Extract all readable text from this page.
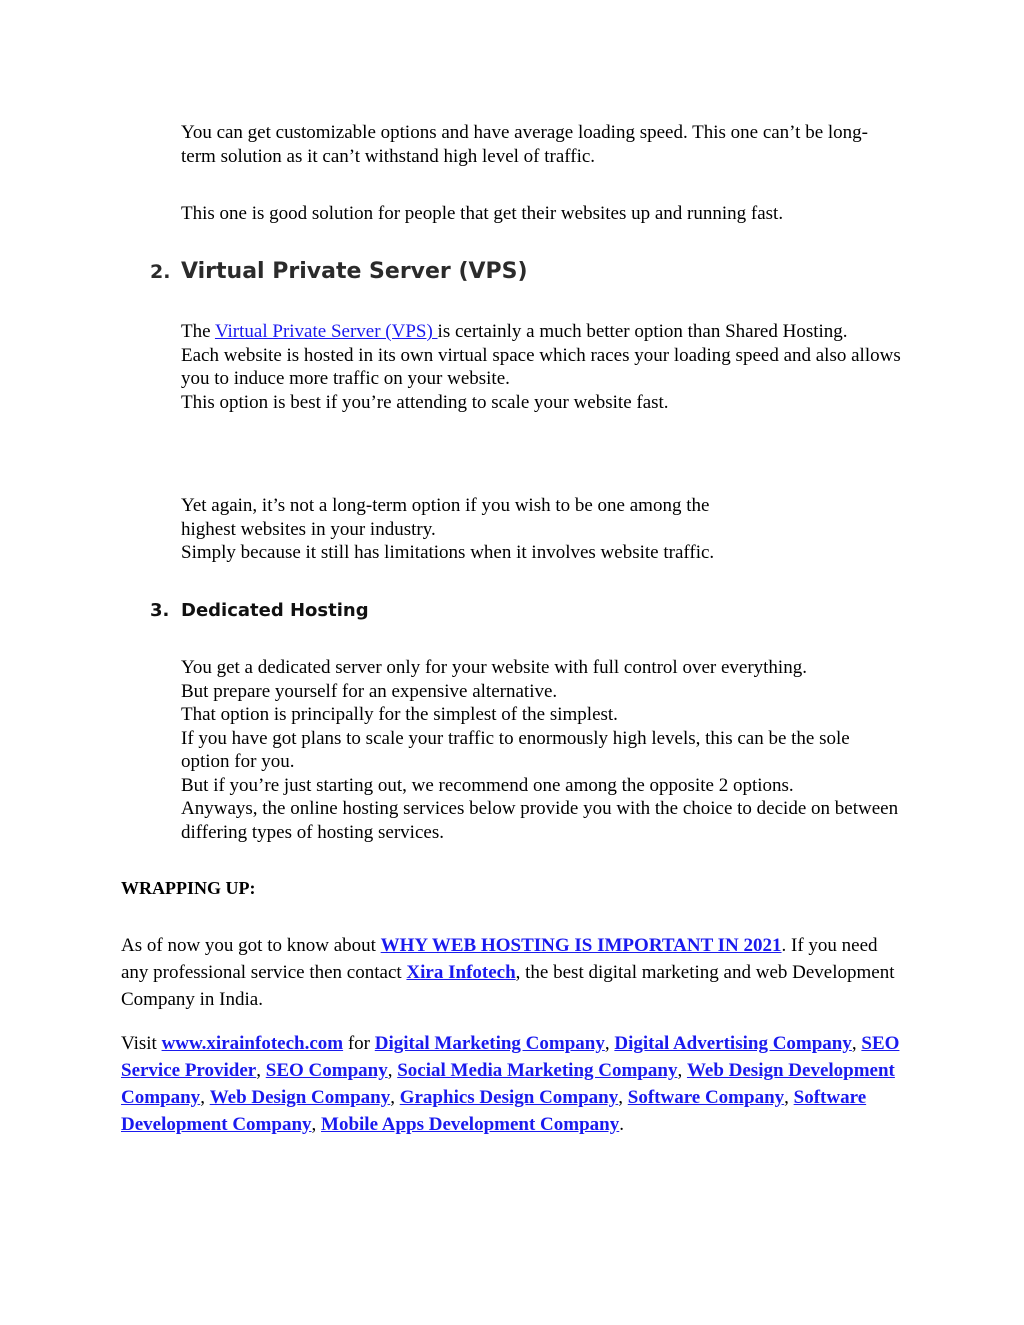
You can get customizable options and have average loading speed. This one can’t be long-term solution as it can’t withstand high level of traffic.

This one is good solution for people that get their websites up and running fast.

2. Virtual Private Server (VPS)

The Virtual Private Server (VPS) is certainly a much better option than Shared Hosting.

Each website is hosted in its own virtual space which races your loading speed and also allows you to induce more traffic on your website.

This option is best if you’re attending to scale your website fast.

Yet again, it’s not a long-term option if you wish to be one among the

highest websites in your industry.

Simply because it still has limitations when it involves website traffic.

3. Dedicated Hosting

You get a dedicated server only for your website with full control over everything.

But prepare yourself for an expensive alternative.

That option is principally for the simplest of the simplest.

If you have got plans to scale your traffic to enormously high levels, this can be the sole option for you.

But if you’re just starting out, we recommend one among the opposite 2 options.

Anyways, the online hosting services below provide you with the choice to decide on between differing types of hosting services.

WRAPPING UP:
As of now you got to know about WHY WEB HOSTING IS IMPORTANT IN 2021. If you need any professional service then contact Xira Infotech, the best digital marketing and web Development Company in India.
Visit www.xirainfotech.com for Digital Marketing Company, Digital Advertising Company, SEO Service Provider, SEO Company, Social Media Marketing Company, Web Design Development Company, Web Design Company, Graphics Design Company, Software Company, Software Development Company, Mobile Apps Development Company.
